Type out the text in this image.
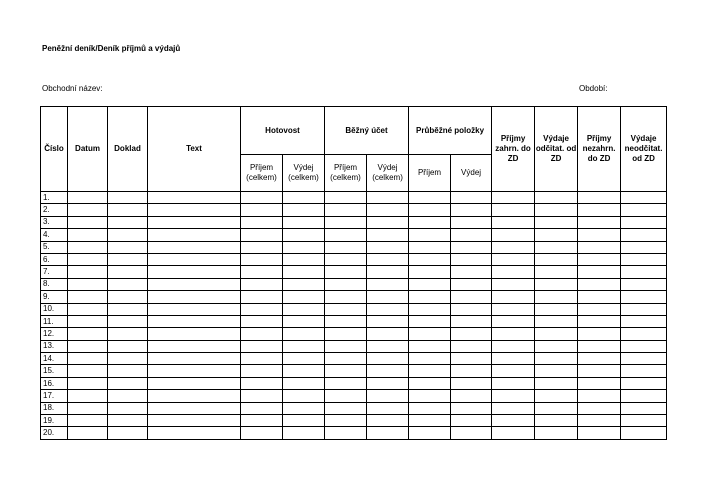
Peněžní deník/Deník příjmů a výdajů
Obchodní název:	Období:
Číslo	Datum	Doklad	Text	Hotovost		Běžný účet		Průběžné položky		Příjmy zahrn. do ZD	Výdaje odčitat. od ZD	Příjmy nezahrn. do ZD	Výdaje neodčitat. od ZD
				Příjem (celkem)	Výdej (celkem)	Příjem (celkem)	Výdej (celkem)	Příjem	Výdej				
1.													
2.													
3.													
4.													
5.													
6.													
7.													
8.													
9.													
10.													
11.													
12.													
13.													
14.													
15.													
16.													
17.													
18.													
19.													
20.													
